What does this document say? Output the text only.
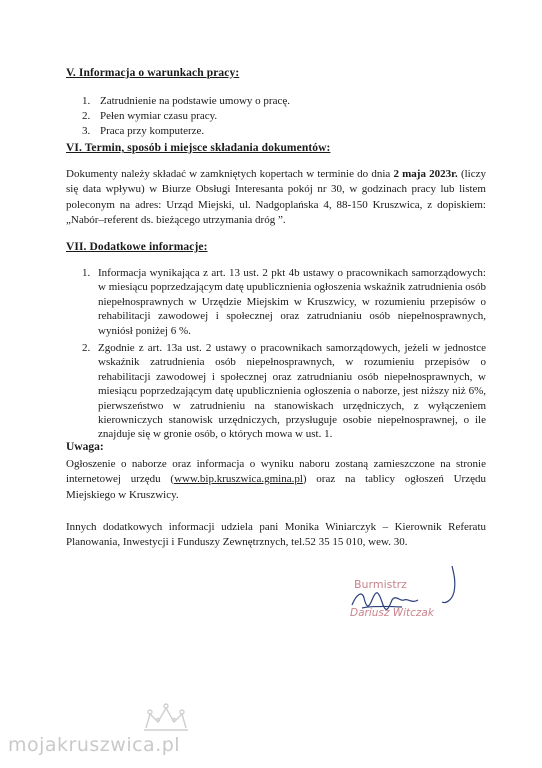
V. Informacja o warunkach pracy:
1. Zatrudnienie na podstawie umowy o pracę.
2. Pełen wymiar czasu pracy.
3. Praca przy komputerze.
VI. Termin, sposób i miejsce składania dokumentów:

Dokumenty należy składać w zamkniętych kopertach w terminie do dnia 2 maja 2023r. (liczy się data wpływu) w Biurze Obsługi Interesanta pokój nr 30, w godzinach pracy lub listem poleconym na adres: Urząd Miejski, ul. Nadgoplańska 4, 88-150 Kruszwica, z dopiskiem: „Nabór–referent ds. bieżącego utrzymania dróg ”.

VII. Dodatkowe informacje:
1. Informacja wynikająca z art. 13 ust. 2 pkt 4b ustawy o pracownikach samorządowych: w miesiącu poprzedzającym datę upublicznienia ogłoszenia wskaźnik zatrudnienia osób niepełnosprawnych w Urzędzie Miejskim w Kruszwicy, w rozumieniu przepisów o rehabilitacji zawodowej i społecznej oraz zatrudnianiu osób niepełnosprawnych, wyniósł poniżej 6 %.
2. Zgodnie z art. 13a ust. 2 ustawy o pracownikach samorządowych, jeżeli w jednostce wskaźnik zatrudnienia osób niepełnosprawnych, w rozumieniu przepisów o rehabilitacji zawodowej i społecznej oraz zatrudnianiu osób niepełnosprawnych, w miesiącu poprzedzającym datę upublicznienia ogłoszenia o naborze, jest niższy niż 6%, pierwszeństwo w zatrudnieniu na stanowiskach urzędniczych, z wyłączeniem kierowniczych stanowisk urzędniczych, przysługuje osobie niepełnosprawnej, o ile znajduje się w gronie osób, o których mowa w ust. 1.
Uwaga:

Ogłoszenie o naborze oraz informacja o wyniku naboru zostaną zamieszczone na stronie internetowej urzędu (www.bip.kruszwica.gmina.pl) oraz na tablicy ogłoszeń Urzędu Miejskiego w Kruszwicy.

Innych dodatkowych informacji udziela pani Monika Winiarczyk – Kierownik Referatu Planowania, Inwestycji i Funduszy Zewnętrznych, tel.52 35 15 010, wew. 30.

Burmistrz
Dariusz Witczak
mojakruszwica.pl
